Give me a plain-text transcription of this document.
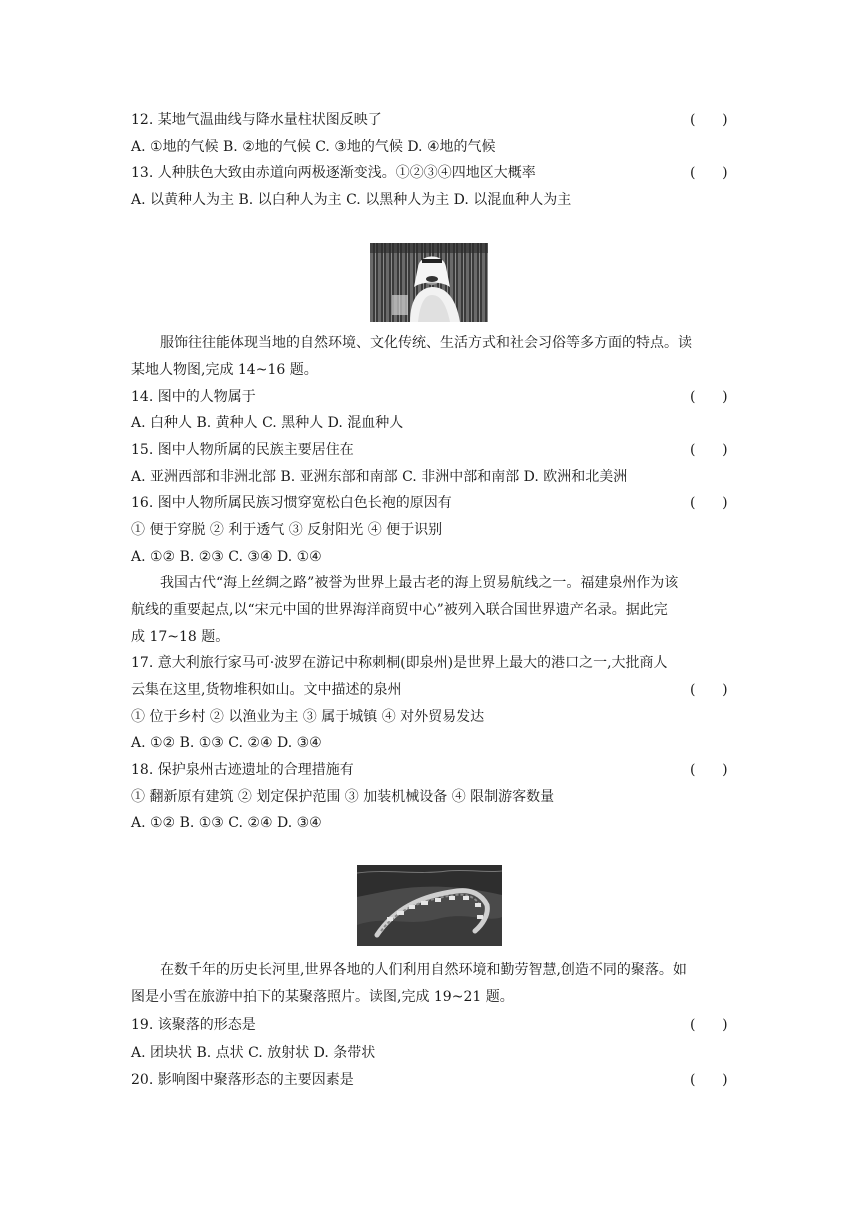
12. 某地气温曲线与降水量柱状图反映了	(      )
A. ①地的气候 B. ②地的气候 C. ③地的气候 D. ④地的气候
13. 人种肤色大致由赤道向两极逐渐变浅。①②③④四地区大概率	(      )
A. 以黄种人为主 B. 以白种人为主 C. 以黑种人为主 D. 以混血种人为主
服饰往往能体现当地的自然环境、文化传统、生活方式和社会习俗等多方面的特点。读
某地人物图,完成 14~16 题。
14. 图中的人物属于	(      )
A. 白种人 B. 黄种人 C. 黑种人 D. 混血种人
15. 图中人物所属的民族主要居住在	(      )
A. 亚洲西部和非洲北部 B. 亚洲东部和南部 C. 非洲中部和南部 D. 欧洲和北美洲
16. 图中人物所属民族习惯穿宽松白色长袍的原因有	(      )
① 便于穿脱 ② 利于透气 ③ 反射阳光 ④ 便于识别
A. ①② B. ②③ C. ③④ D. ①④
我国古代“海上丝绸之路”被誉为世界上最古老的海上贸易航线之一。福建泉州作为该
航线的重要起点,以“宋元中国的世界海洋商贸中心”被列入联合国世界遗产名录。据此完
成 17~18 题。
17. 意大利旅行家马可·波罗在游记中称刺桐(即泉州)是世界上最大的港口之一,大批商人
云集在这里,货物堆积如山。文中描述的泉州	(      )
① 位于乡村 ② 以渔业为主 ③ 属于城镇 ④ 对外贸易发达
A. ①② B. ①③ C. ②④ D. ③④
18. 保护泉州古迹遗址的合理措施有	(      )
① 翻新原有建筑 ② 划定保护范围 ③ 加装机械设备 ④ 限制游客数量
A. ①② B. ①③ C. ②④ D. ③④
在数千年的历史长河里,世界各地的人们利用自然环境和勤劳智慧,创造不同的聚落。如
图是小雪在旅游中拍下的某聚落照片。读图,完成 19~21 题。
19. 该聚落的形态是	(      )
A. 团块状 B. 点状 C. 放射状 D. 条带状
20. 影响图中聚落形态的主要因素是	(      )
